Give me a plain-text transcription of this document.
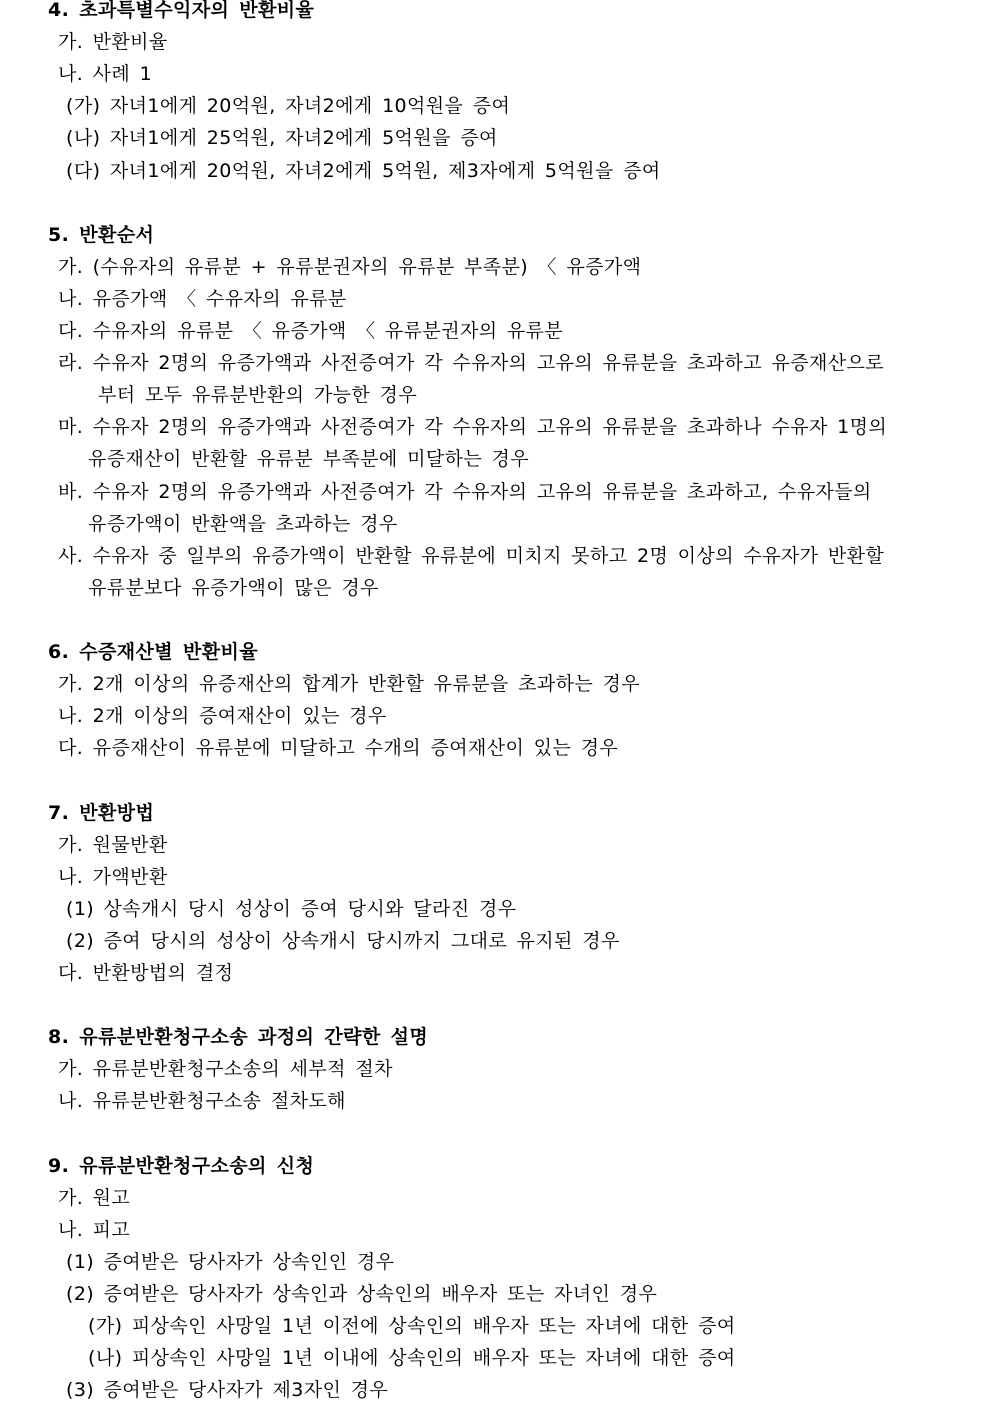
4. 초과특별수익자의 반환비율
가. 반환비율
나. 사례 1
(가) 자녀1에게 20억원, 자녀2에게 10억원을 증여
(나) 자녀1에게 25억원, 자녀2에게 5억원을 증여
(다) 자녀1에게 20억원, 자녀2에게 5억원, 제3자에게 5억원을 증여
5. 반환순서
가. (수유자의 유류분 + 유류분권자의 유류분 부족분) 〈 유증가액
나. 유증가액 〈 수유자의 유류분
다. 수유자의 유류분 〈 유증가액 〈 유류분권자의 유류분
라. 수유자 2명의 유증가액과 사전증여가 각 수유자의 고유의 유류분을 초과하고 유증재산으로
부터 모두 유류분반환의 가능한 경우
마. 수유자 2명의 유증가액과 사전증여가 각 수유자의 고유의 유류분을 초과하나 수유자 1명의
유증재산이 반환할 유류분 부족분에 미달하는 경우
바. 수유자 2명의 유증가액과 사전증여가 각 수유자의 고유의 유류분을 초과하고, 수유자들의
유증가액이 반환액을 초과하는 경우
사. 수유자 중 일부의 유증가액이 반환할 유류분에 미치지 못하고 2명 이상의 수유자가 반환할
유류분보다 유증가액이 많은 경우
6. 수증재산별 반환비율
가. 2개 이상의 유증재산의 합계가 반환할 유류분을 초과하는 경우
나. 2개 이상의 증여재산이 있는 경우
다. 유증재산이 유류분에 미달하고 수개의 증여재산이 있는 경우
7. 반환방법
가. 원물반환
나. 가액반환
(1) 상속개시 당시 성상이 증여 당시와 달라진 경우
(2) 증여 당시의 성상이 상속개시 당시까지 그대로 유지된 경우
다. 반환방법의 결정
8. 유류분반환청구소송 과정의 간략한 설명
가. 유류분반환청구소송의 세부적 절차
나. 유류분반환청구소송 절차도해
9. 유류분반환청구소송의 신청
가. 원고
나. 피고
(1) 증여받은 당사자가 상속인인 경우
(2) 증여받은 당사자가 상속인과 상속인의 배우자 또는 자녀인 경우
(가) 피상속인 사망일 1년 이전에 상속인의 배우자 또는 자녀에 대한 증여
(나) 피상속인 사망일 1년 이내에 상속인의 배우자 또는 자녀에 대한 증여
(3) 증여받은 당사자가 제3자인 경우
